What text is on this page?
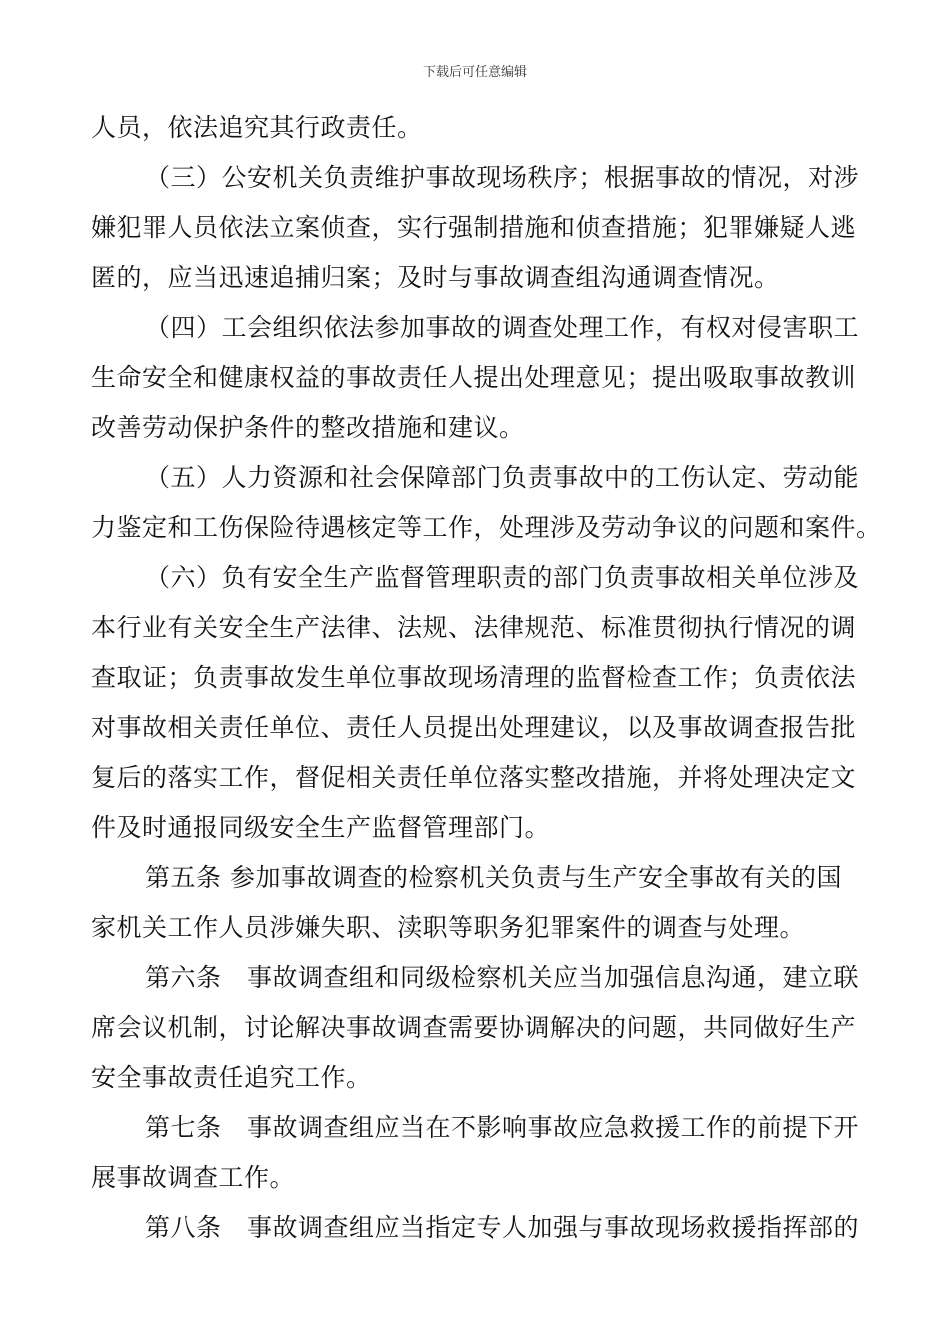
下载后可任意编辑
人员，依法追究其行政责任。
（三）公安机关负责维护事故现场秩序；根据事故的情况，对涉
嫌犯罪人员依法立案侦查，实行强制措施和侦查措施；犯罪嫌疑人逃
匿的，应当迅速追捕归案；及时与事故调查组沟通调查情况。
（四）工会组织依法参加事故的调查处理工作，有权对侵害职工
生命安全和健康权益的事故责任人提出处理意见；提出吸取事故教训
改善劳动保护条件的整改措施和建议。
（五）人力资源和社会保障部门负责事故中的工伤认定、劳动能
力鉴定和工伤保险待遇核定等工作，处理涉及劳动争议的问题和案件。
（六）负有安全生产监督管理职责的部门负责事故相关单位涉及
本行业有关安全生产法律、法规、法律规范、标准贯彻执行情况的调
查取证；负责事故发生单位事故现场清理的监督检查工作；负责依法
对事故相关责任单位、责任人员提出处理建议，以及事故调查报告批
复后的落实工作，督促相关责任单位落实整改措施，并将处理决定文
件及时通报同级安全生产监督管理部门。
第五条 参加事故调查的检察机关负责与生产安全事故有关的国
家机关工作人员涉嫌失职、渎职等职务犯罪案件的调查与处理。
第六条　事故调查组和同级检察机关应当加强信息沟通，建立联
席会议机制，讨论解决事故调查需要协调解决的问题，共同做好生产
安全事故责任追究工作。
第七条　事故调查组应当在不影响事故应急救援工作的前提下开
展事故调查工作。
第八条　事故调查组应当指定专人加强与事故现场救援指挥部的
